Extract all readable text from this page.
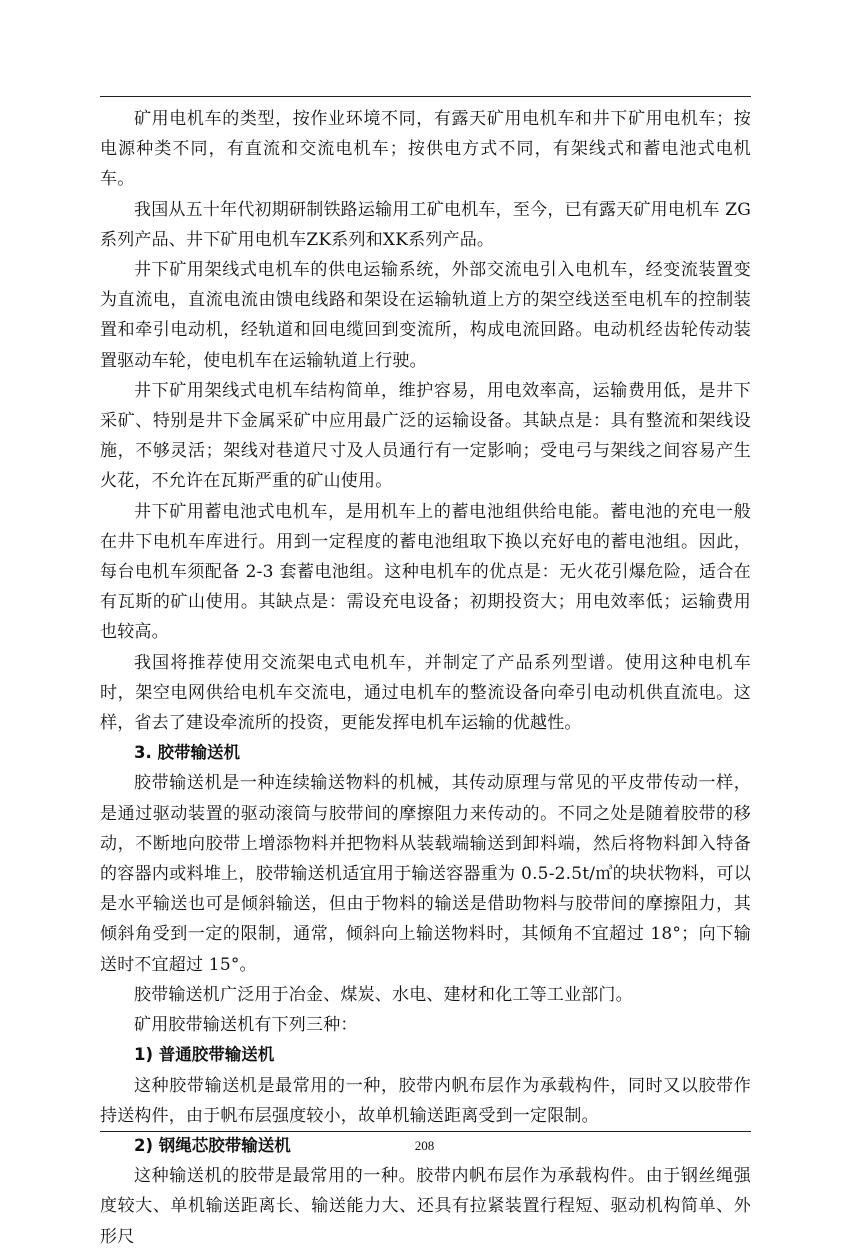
矿用电机车的类型，按作业环境不同，有露天矿用电机车和井下矿用电机车；按电源种类不同，有直流和交流电机车；按供电方式不同，有架线式和蓄电池式电机车。

我国从五十年代初期研制铁路运输用工矿电机车，至今，已有露天矿用电机车 ZG 系列产品、井下矿用电机车ZK系列和XK系列产品。

井下矿用架线式电机车的供电运输系统，外部交流电引入电机车，经变流装置变为直流电，直流电流由馈电线路和架设在运输轨道上方的架空线送至电机车的控制装置和牵引电动机，经轨道和回电缆回到变流所，构成电流回路。电动机经齿轮传动装置驱动车轮，使电机车在运输轨道上行驶。

井下矿用架线式电机车结构简单，维护容易，用电效率高，运输费用低，是井下采矿、特别是井下金属采矿中应用最广泛的运输设备。其缺点是：具有整流和架线设施，不够灵活；架线对巷道尺寸及人员通行有一定影响；受电弓与架线之间容易产生火花，不允许在瓦斯严重的矿山使用。

井下矿用蓄电池式电机车，是用机车上的蓄电池组供给电能。蓄电池的充电一般在井下电机车库进行。用到一定程度的蓄电池组取下换以充好电的蓄电池组。因此，每台电机车须配备 2-3 套蓄电池组。这种电机车的优点是：无火花引爆危险，适合在有瓦斯的矿山使用。其缺点是：需设充电设备；初期投资大；用电效率低；运输费用也较高。

我国将推荐使用交流架电式电机车，并制定了产品系列型谱。使用这种电机车时，架空电网供给电机车交流电，通过电机车的整流设备向牵引电动机供直流电。这样，省去了建设牵流所的投资，更能发挥电机车运输的优越性。

3. 胶带输送机

胶带输送机是一种连续输送物料的机械，其传动原理与常见的平皮带传动一样，是通过驱动装置的驱动滚筒与胶带间的摩擦阻力来传动的。不同之处是随着胶带的移动，不断地向胶带上增添物料并把物料从装载端输送到卸料端，然后将物料卸入特备的容器内或料堆上，胶带输送机适宜用于输送容器重为 0.5-2.5t/㎥的块状物料，可以是水平输送也可是倾斜输送，但由于物料的输送是借助物料与胶带间的摩擦阻力，其倾斜角受到一定的限制，通常，倾斜向上输送物料时，其倾角不宜超过 18°；向下输送时不宜超过 15°。

胶带输送机广泛用于冶金、煤炭、水电、建材和化工等工业部门。

矿用胶带输送机有下列三种：

1) 普通胶带输送机

这种胶带输送机是最常用的一种，胶带内帆布层作为承载构件，同时又以胶带作持送构件，由于帆布层强度较小，故单机输送距离受到一定限制。

2) 钢绳芯胶带输送机

这种输送机的胶带是最常用的一种。胶带内帆布层作为承载构件。由于钢丝绳强度较大、单机输送距离长、输送能力大、还具有拉紧装置行程短、驱动机构简单、外形尺

208
